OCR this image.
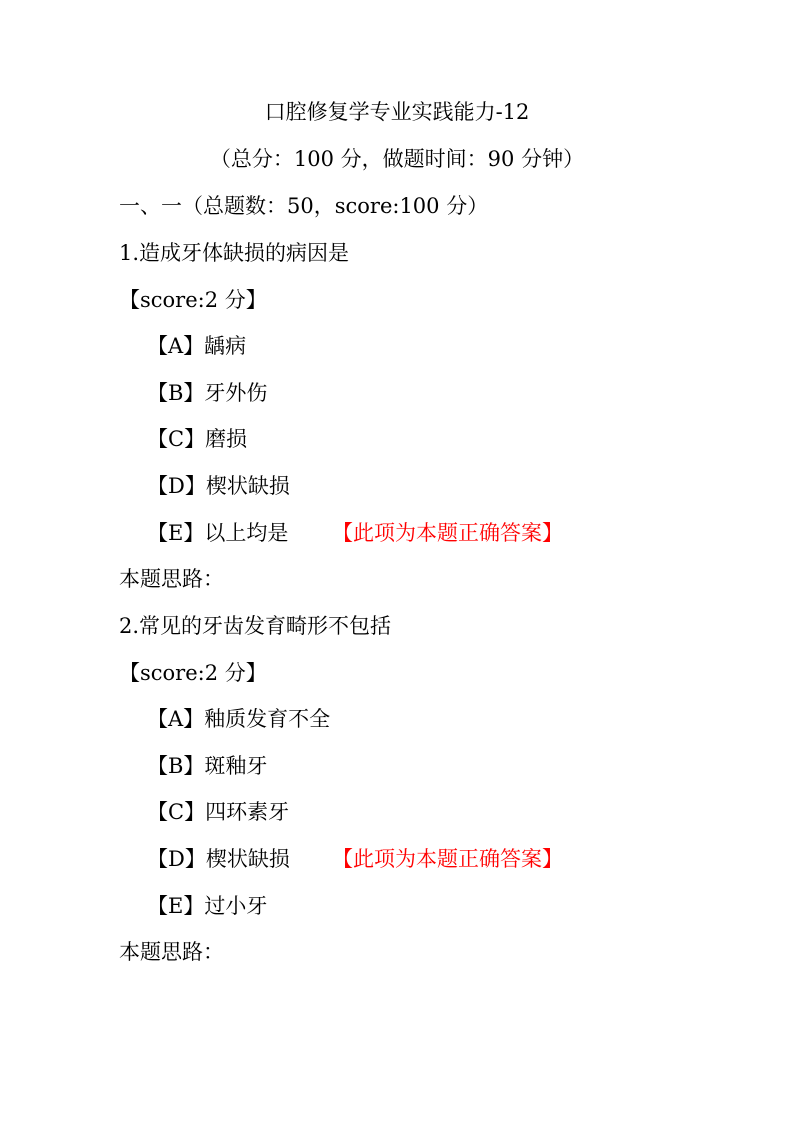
口腔修复学专业实践能力-12
（总分：100 分，做题时间：90 分钟）
一、一（总题数：50，score:100 分）
1.造成牙体缺损的病因是
【score:2 分】
【A】龋病
【B】牙外伤
【C】磨损
【D】楔状缺损
【E】以上均是 【此项为本题正确答案】
本题思路：
2.常见的牙齿发育畸形不包括
【score:2 分】
【A】釉质发育不全
【B】斑釉牙
【C】四环素牙
【D】楔状缺损 【此项为本题正确答案】
【E】过小牙
本题思路：
